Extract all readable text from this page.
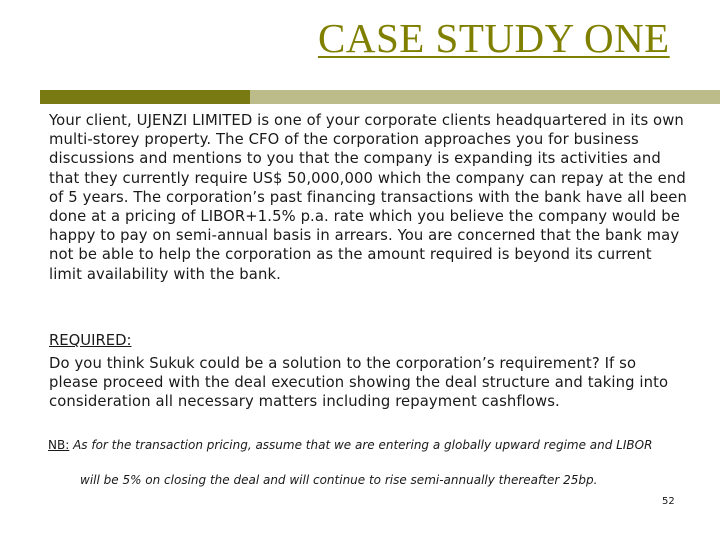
CASE STUDY ONE

Your client, UJENZI LIMITED is one of your corporate clients headquartered in its own multi-storey property. The CFO of the corporation approaches you for business discussions and mentions to you that the company is expanding its activities and that they currently require US$ 50,000,000 which the company can repay at the end of 5 years. The corporation’s past financing transactions with the bank have all been done at a pricing of LIBOR+1.5% p.a. rate which you believe the company would be happy to pay on semi-annual basis in arrears. You are concerned that the bank may not be able to help the corporation as the amount required is beyond its current limit availability with the bank.

REQUIRED:

Do you think Sukuk could be a solution to the corporation’s requirement? If so please proceed with the deal execution showing the deal structure and taking into consideration all necessary matters including repayment cashflows.

NB: As for the transaction pricing, assume that we are entering a globally upward regime and LIBOR
will be 5% on closing the deal and will continue to rise semi-annually thereafter 25bp.
52
